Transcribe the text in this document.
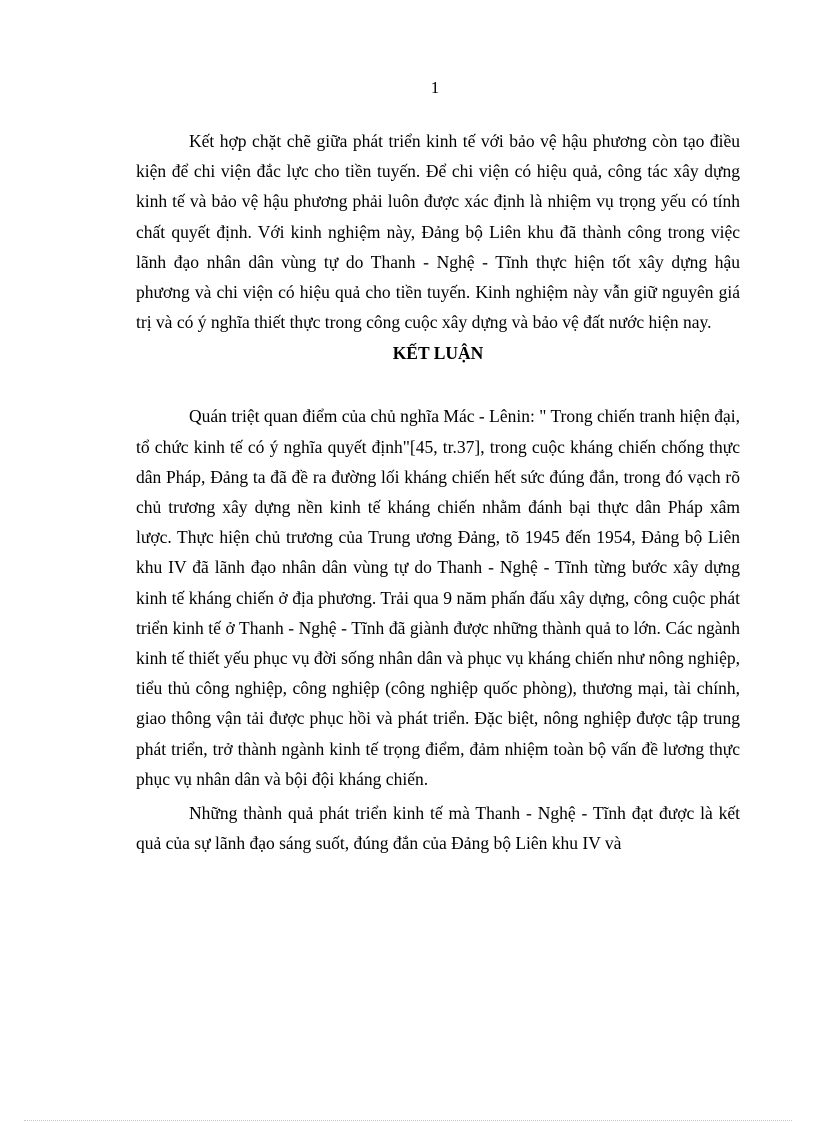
1

Kết hợp chặt chẽ giữa phát triển kinh tế với bảo vệ hậu phương còn tạo điều kiện để chi viện đắc lực cho tiền tuyến. Để chi viện có hiệu quả, công tác xây dựng kinh tế và bảo vệ hậu phương phải luôn được xác định là nhiệm vụ trọng yếu có tính chất quyết định. Với kinh nghiệm này, Đảng bộ Liên khu đã thành công trong việc lãnh đạo nhân dân vùng tự do Thanh - Nghệ - Tĩnh thực hiện tốt xây dựng hậu phương và chi viện có hiệu quả cho tiền tuyến. Kinh nghiệm này vẫn giữ nguyên giá trị và có ý nghĩa thiết thực trong công cuộc xây dựng và bảo vệ đất nước hiện nay.

KẾT LUẬN

Quán triệt quan điểm của chủ nghĩa Mác - Lênin: " Trong chiến tranh hiện đại, tổ chức kinh tế có ý nghĩa quyết định"[45, tr.37], trong cuộc kháng chiến chống thực dân Pháp, Đảng ta đã đề ra đường lối kháng chiến hết sức đúng đắn, trong đó vạch rõ chủ trương xây dựng nền kinh tế kháng chiến nhằm đánh bại thực dân Pháp xâm lược. Thực hiện chủ trương của Trung ương Đảng, tõ 1945 đến 1954, Đảng bộ Liên khu IV đã lãnh đạo nhân dân vùng tự do Thanh - Nghệ - Tĩnh từng bước xây dựng kinh tế kháng chiến ở địa phương. Trải qua 9 năm phấn đấu xây dựng, công cuộc phát triển kinh tế ở Thanh - Nghệ - Tĩnh đã giành được những thành quả to lớn. Các ngành kinh tế thiết yếu phục vụ đời sống nhân dân và phục vụ kháng chiến như nông nghiệp, tiểu thủ công nghiệp, công nghiệp (công nghiệp quốc phòng), thương mại, tài chính, giao thông vận tải được phục hồi và phát triển. Đặc biệt, nông nghiệp được tập trung phát triển, trở thành ngành kinh tế trọng điểm, đảm nhiệm toàn bộ vấn đề lương thực phục vụ nhân dân và bội đội kháng chiến.

Những thành quả phát triển kinh tế mà Thanh - Nghệ - Tĩnh đạt được là kết quả của sự lãnh đạo sáng suốt, đúng đắn của Đảng bộ Liên khu IV và
